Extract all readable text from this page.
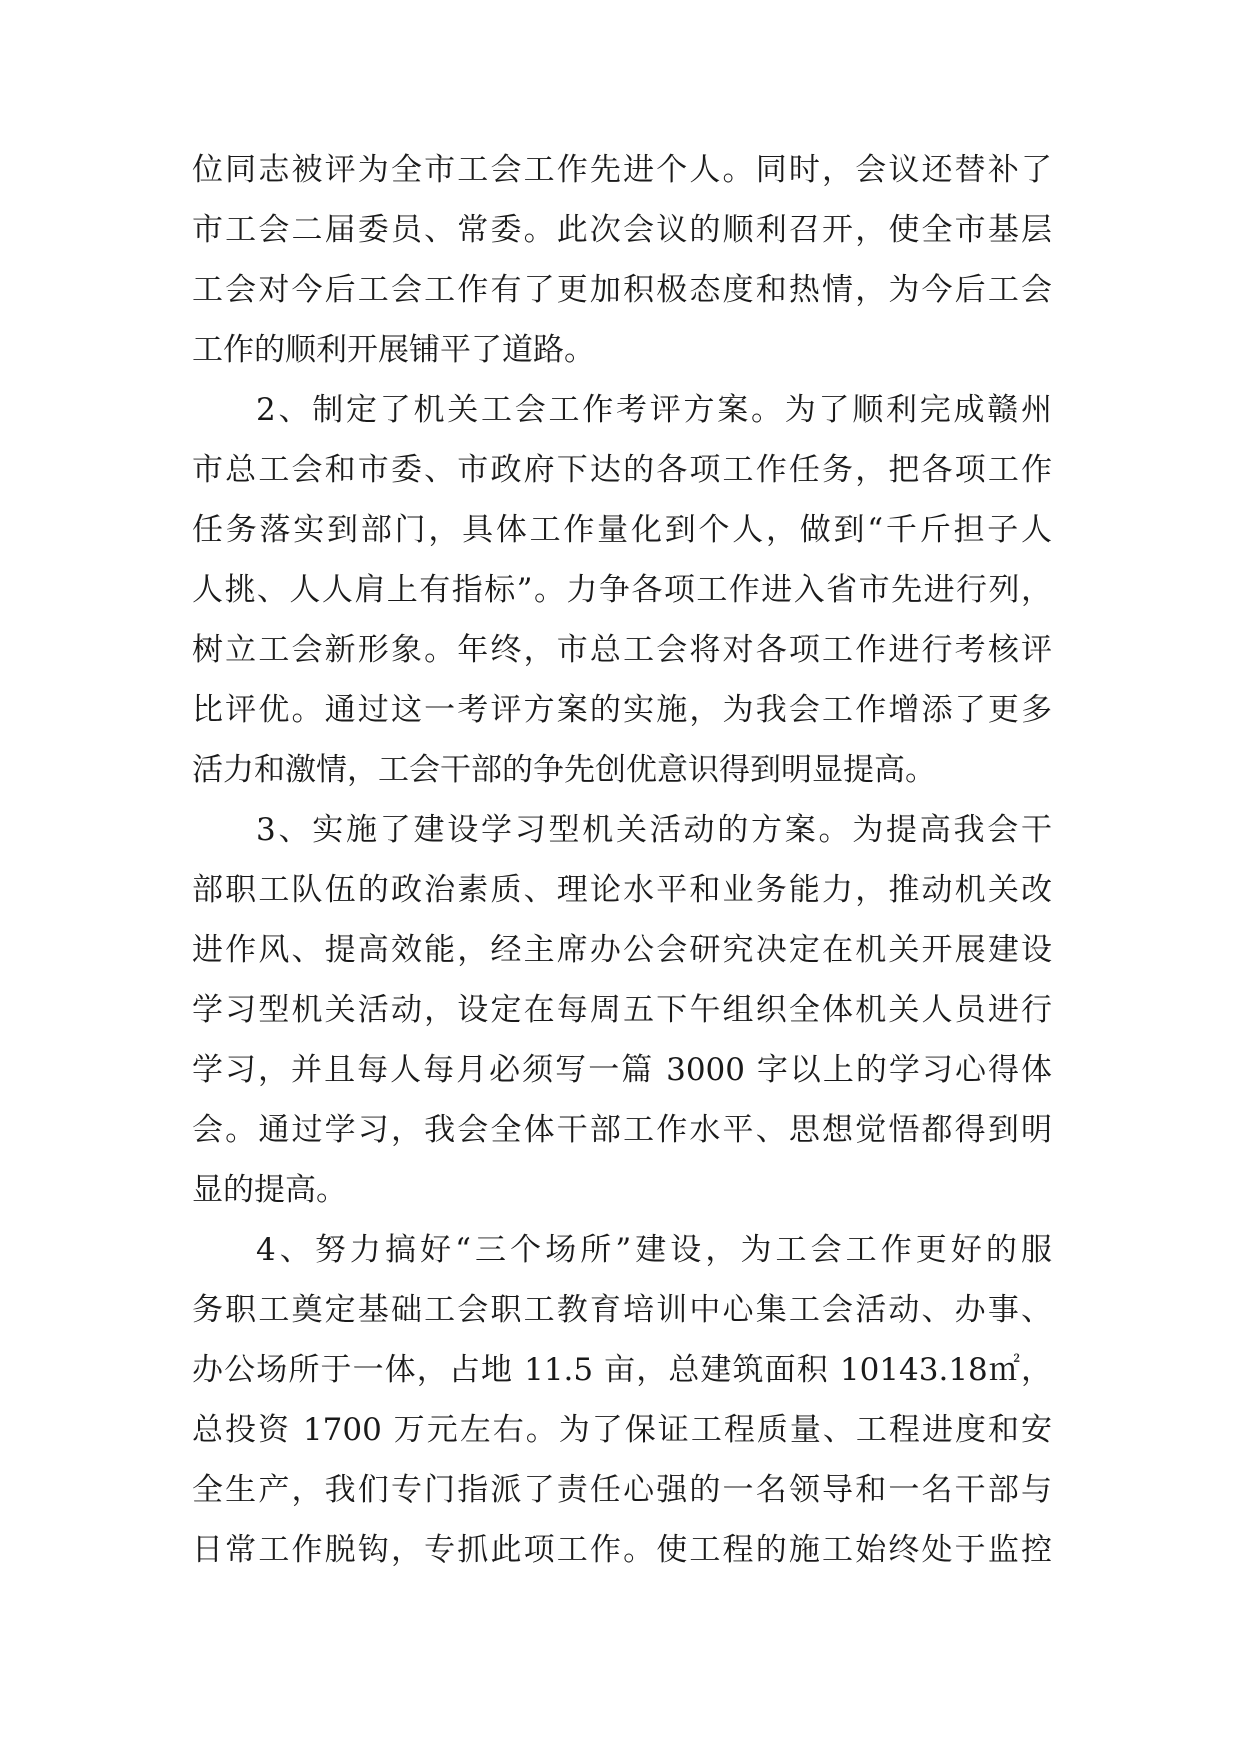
位同志被评为全市工会工作先进个人。同时，会议还替补了
市工会二届委员、常委。此次会议的顺利召开，使全市基层
工会对今后工会工作有了更加积极态度和热情，为今后工会
工作的顺利开展铺平了道路。
2、制定了机关工会工作考评方案。为了顺利完成赣州
市总工会和市委、市政府下达的各项工作任务，把各项工作
任务落实到部门，具体工作量化到个人，做到“千斤担子人
人挑、人人肩上有指标”。力争各项工作进入省市先进行列，
树立工会新形象。年终，市总工会将对各项工作进行考核评
比评优。通过这一考评方案的实施，为我会工作增添了更多
活力和激情，工会干部的争先创优意识得到明显提高。
3、实施了建设学习型机关活动的方案。为提高我会干
部职工队伍的政治素质、理论水平和业务能力，推动机关改
进作风、提高效能，经主席办公会研究决定在机关开展建设
学习型机关活动，设定在每周五下午组织全体机关人员进行
学习，并且每人每月必须写一篇 3000 字以上的学习心得体
会。通过学习，我会全体干部工作水平、思想觉悟都得到明
显的提高。
4、努力搞好“三个场所”建设，为工会工作更好的服
务职工奠定基础工会职工教育培训中心集工会活动、办事、
办公场所于一体，占地 11.5 亩，总建筑面积 10143.18㎡，
总投资 1700 万元左右。为了保证工程质量、工程进度和安
全生产，我们专门指派了责任心强的一名领导和一名干部与
日常工作脱钩，专抓此项工作。使工程的施工始终处于监控
